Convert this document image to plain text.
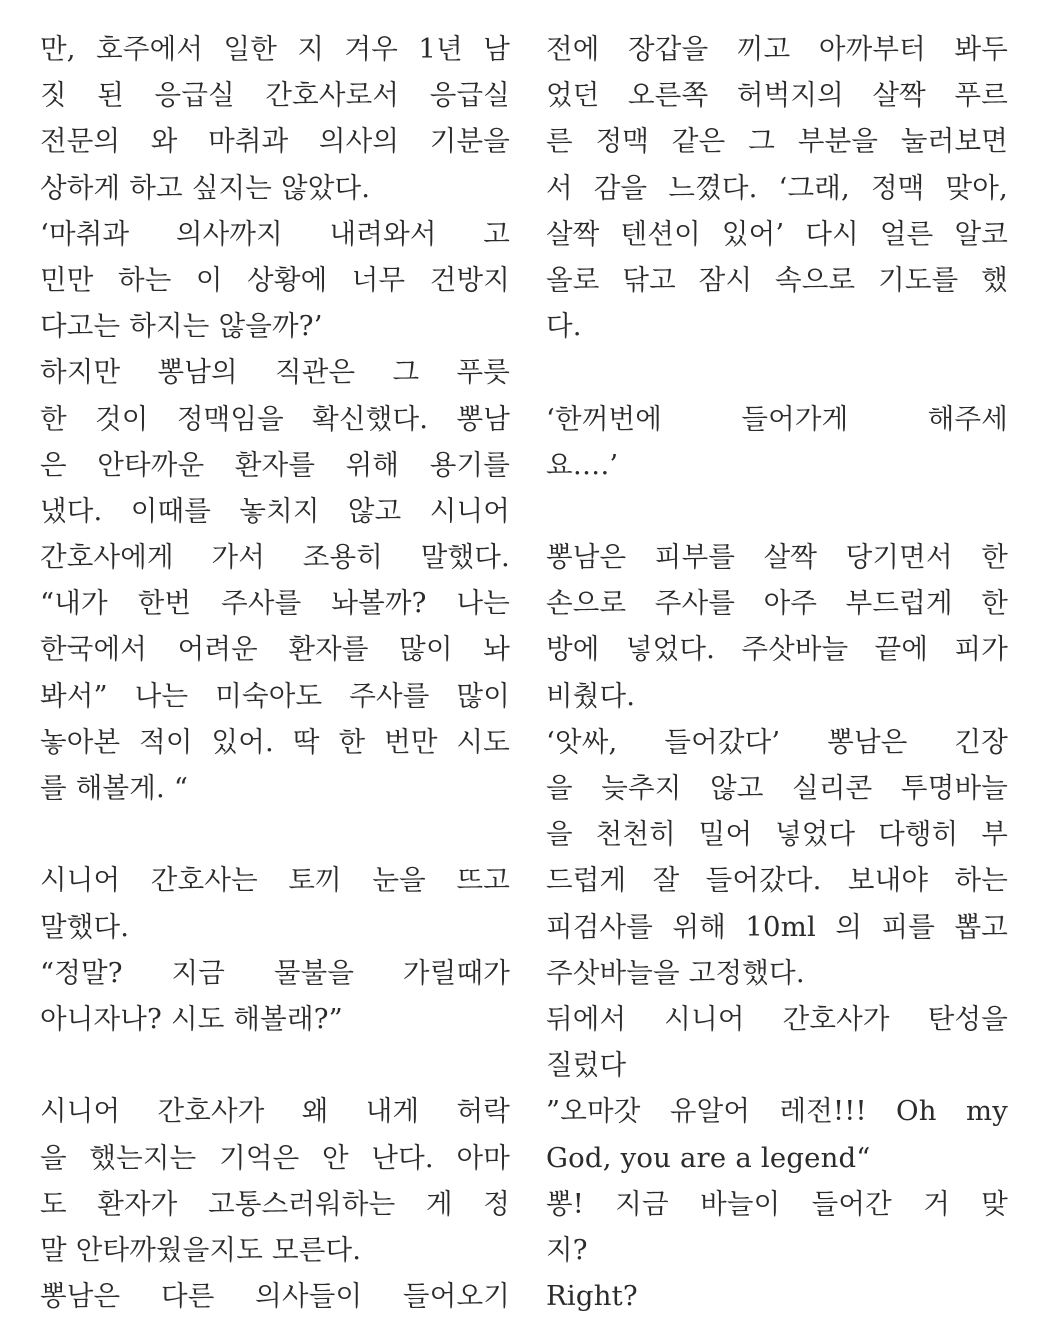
만, 호주에서 일한 지 겨우 1년 남
짓 된 응급실 간호사로서 응급실
전문의 와 마취과 의사의 기분을
상하게 하고 싶지는 않았다.
‘마취과 의사까지 내려와서 고
민만 하는 이 상황에 너무 건방지
다고는 하지는 않을까?’
하지만 뽕남의 직관은 그 푸릇
한 것이 정맥임을 확신했다. 뽕남
은 안타까운 환자를 위해 용기를
냈다. 이때를 놓치지 않고 시니어
간호사에게 가서 조용히 말했다.
“내가 한번 주사를 놔볼까? 나는
한국에서 어려운 환자를 많이 놔
봐서” 나는 미숙아도 주사를 많이
놓아본 적이 있어. 딱 한 번만 시도
를 해볼게. “
시니어 간호사는 토끼 눈을 뜨고
말했다.
“정말? 지금 물불을 가릴때가
아니자나? 시도 해볼래?”
시니어 간호사가 왜 내게 허락
을 했는지는 기억은 안 난다. 아마
도 환자가 고통스러워하는 게 정
말 안타까웠을지도 모른다.
뽕남은 다른 의사들이 들어오기
전에 장갑을 끼고 아까부터 봐두
었던 오른쪽 허벅지의 살짝 푸르
른 정맥 같은 그 부분을 눌러보면
서 감을 느꼈다. ‘그래, 정맥 맞아,
살짝 텐션이 있어’ 다시 얼른 알코
올로 닦고 잠시 속으로 기도를 했
다.
‘한꺼번에 들어가게 해주세
요….’
뽕남은 피부를 살짝 당기면서 한
손으로 주사를 아주 부드럽게 한
방에 넣었다. 주삿바늘 끝에 피가
비췄다.
‘앗싸, 들어갔다’ 뽕남은 긴장
을 늦추지 않고 실리콘 투명바늘
을 천천히 밀어 넣었다 다행히 부
드럽게 잘 들어갔다. 보내야 하는
피검사를 위해 10ml 의 피를 뽑고
주삿바늘을 고정했다.
뒤에서 시니어 간호사가 탄성을
질렀다
”오마갓 유알어 레전!!! Oh my
God, you are a legend“
뽕! 지금 바늘이 들어간 거 맞
지?
Right?
